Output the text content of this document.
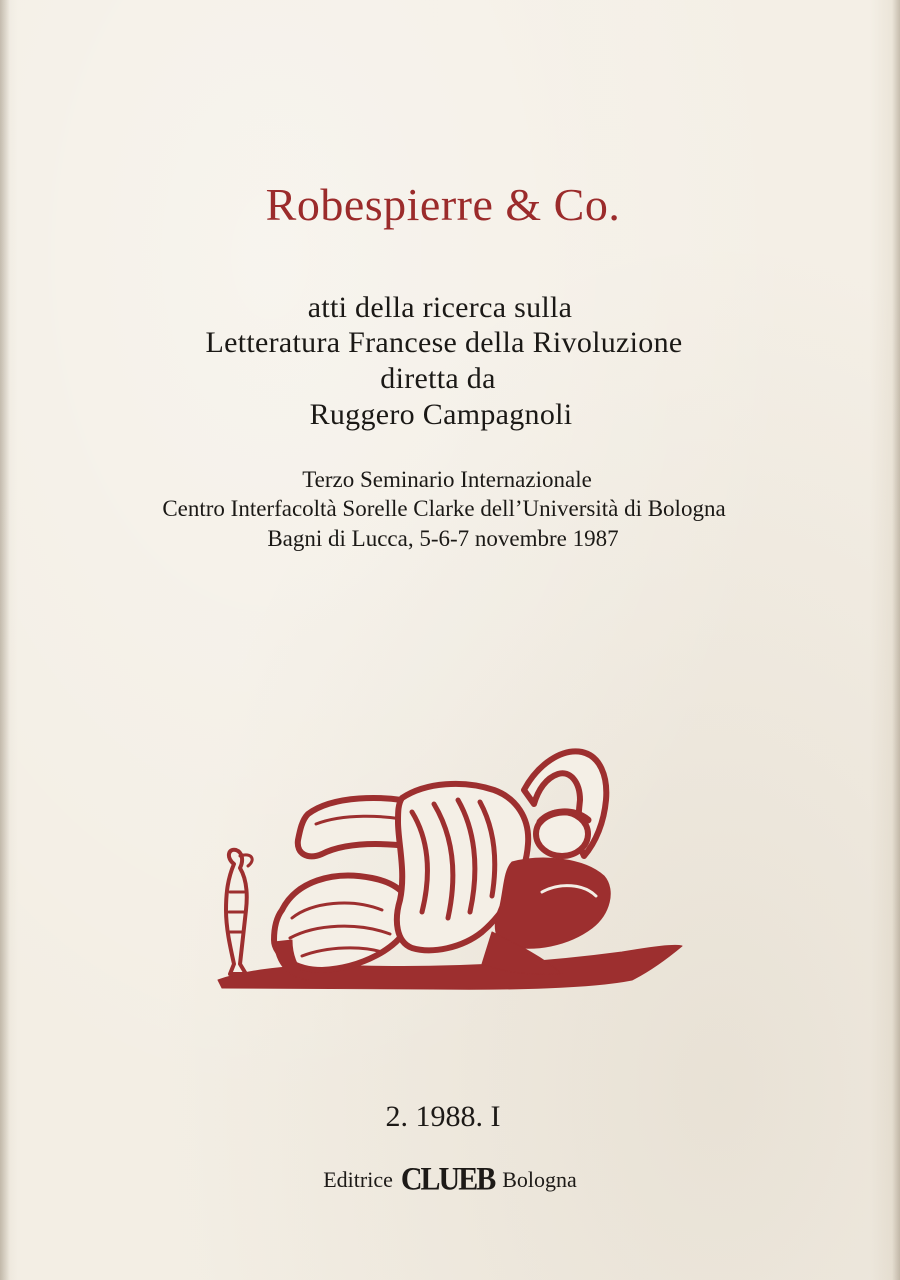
Robespierre & Co.
atti della ricerca sulla
Letteratura Francese della Rivoluzione
diretta da
Ruggero Campagnoli
Terzo Seminario Internazionale
Centro Interfacoltà Sorelle Clarke dell’Università di Bologna
Bagni di Lucca, 5-6-7 novembre 1987
2. 1988. I
Editrice CLUEB Bologna
